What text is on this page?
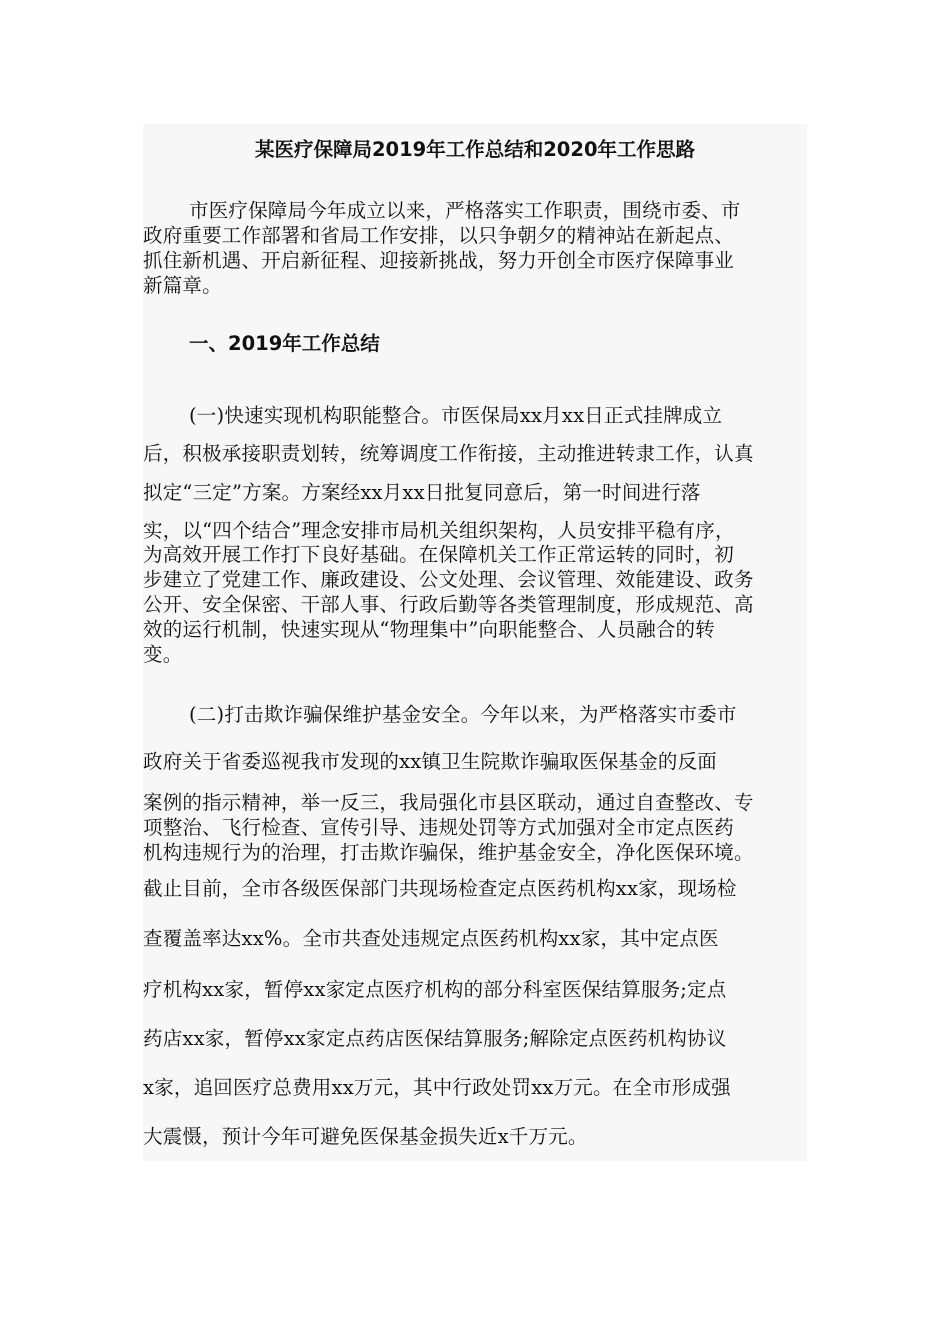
某医疗保障局2019年工作总结和2020年工作思路
市医疗保障局今年成立以来，严格落实工作职责，围绕市委、市
政府重要工作部署和省局工作安排，以只争朝夕的精神站在新起点、
抓住新机遇、开启新征程、迎接新挑战，努力开创全市医疗保障事业
新篇章。
一、2019年工作总结
(一)快速实现机构职能整合。市医保局xx月xx日正式挂牌成立
后，积极承接职责划转，统筹调度工作衔接，主动推进转隶工作，认真
拟定“三定”方案。方案经xx月xx日批复同意后，第一时间进行落
实，以“四个结合”理念安排市局机关组织架构，人员安排平稳有序，
为高效开展工作打下良好基础。在保障机关工作正常运转的同时，初
步建立了党建工作、廉政建设、公文处理、会议管理、效能建设、政务
公开、安全保密、干部人事、行政后勤等各类管理制度，形成规范、高
效的运行机制，快速实现从“物理集中”向职能整合、人员融合的转
变。
(二)打击欺诈骗保维护基金安全。今年以来，为严格落实市委市
政府关于省委巡视我市发现的xx镇卫生院欺诈骗取医保基金的反面
案例的指示精神，举一反三，我局强化市县区联动，通过自查整改、专
项整治、飞行检查、宣传引导、违规处罚等方式加强对全市定点医药
机构违规行为的治理，打击欺诈骗保，维护基金安全，净化医保环境。
截止目前，全市各级医保部门共现场检查定点医药机构xx家，现场检
查覆盖率达xx%。全市共查处违规定点医药机构xx家，其中定点医
疗机构xx家，暂停xx家定点医疗机构的部分科室医保结算服务;定点
药店xx家，暂停xx家定点药店医保结算服务;解除定点医药机构协议
x家，追回医疗总费用xx万元，其中行政处罚xx万元。在全市形成强
大震慑，预计今年可避免医保基金损失近x千万元。
